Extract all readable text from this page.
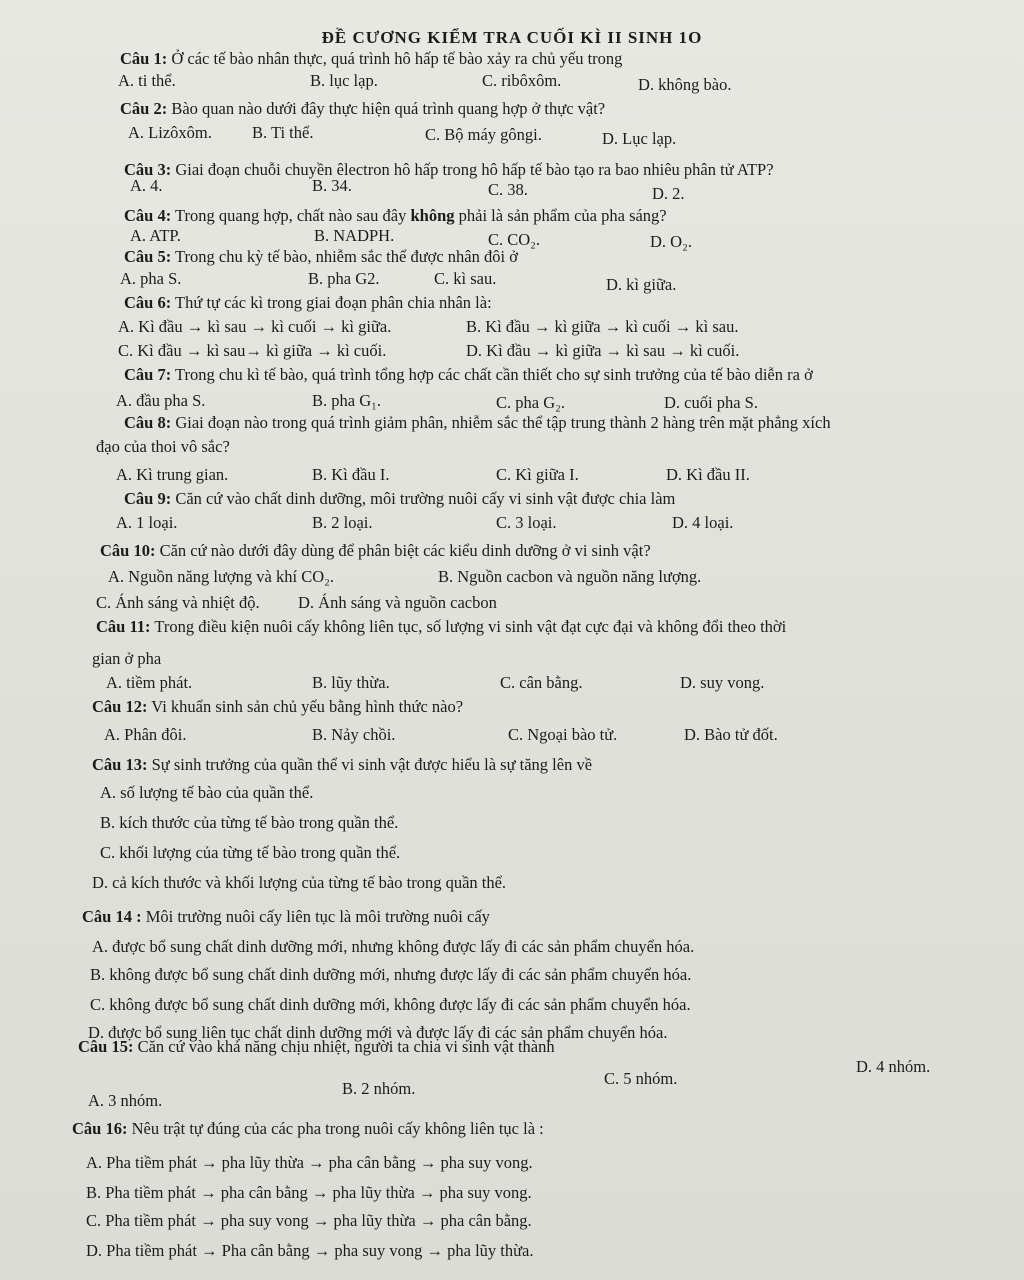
ĐỀ CƯƠNG KIỂM TRA CUỐI KÌ II SINH 1O
Câu 1: Ở các tế bào nhân thực, quá trình hô hấp tế bào xảy ra chủ yếu trong
A. ti thể.	B. lục lạp.	C. ribôxôm.	D. không bào.
Câu 2: Bào quan nào dưới đây thực hiện quá trình quang hợp ở thực vật?
A. Lizôxôm. B. Ti thể.	C. Bộ máy gôngi.	D. Lục lạp.
Câu 3: Giai đoạn chuỗi chuyền êlectron hô hấp trong hô hấp tế bào tạo ra bao nhiêu phân tử ATP?
A. 4.	B. 34.	C. 38.	D. 2.
Câu 4: Trong quang hợp, chất nào sau đây không phải là sản phẩm của pha sáng?
A. ATP.	B. NADPH.	C. CO₂.	D. O₂.
Câu 5: Trong chu kỳ tế bào, nhiễm sắc thể được nhân đôi ở
A. pha S.	B. pha G2.	C. kì sau.	D. kì giữa.
Câu 6: Thứ tự các kì trong giai đoạn phân chia nhân là:
A. Kì đầu → kì sau → kì cuối → kì giữa.	B. Kì đầu → kì giữa → kì cuối → kì sau.
C. Kì đầu → kì sau→ kì giữa → kì cuối.	D. Kì đầu → kì giữa → kì sau → kì cuối.
Câu 7: Trong chu kì tế bào, quá trình tổng hợp các chất cần thiết cho sự sinh trưởng của tế bào diễn ra ở
A. đầu pha S.	B. pha G₁.	C. pha G₂.	D. cuối pha S.
Câu 8: Giai đoạn nào trong quá trình giảm phân, nhiễm sắc thể tập trung thành 2 hàng trên mặt phẳng xích
đạo của thoi vô sắc?
A. Kì trung gian.	B. Kì đầu I.	C. Kì giữa I.	D. Kì đầu II.
Câu 9: Căn cứ vào chất dinh dưỡng, môi trường nuôi cấy vi sinh vật được chia làm
A. 1 loại.	B. 2 loại.	C. 3 loại.	D. 4 loại.
Câu 10: Căn cứ nào dưới đây dùng để phân biệt các kiểu dinh dưỡng ở vi sinh vật?
A. Nguồn năng lượng và khí CO₂.	B. Nguồn cacbon và nguồn năng lượng.
C. Ánh sáng và nhiệt độ. D. Ánh sáng và nguồn cacbon
Câu 11: Trong điều kiện nuôi cấy không liên tục, số lượng vi sinh vật đạt cực đại và không đổi theo thời
gian ở pha
A. tiềm phát.	B. lũy thừa.	C. cân bằng.	D. suy vong.
Câu 12: Vi khuẩn sinh sản chủ yếu bằng hình thức nào?
A. Phân đôi.	B. Nảy chồi.	C. Ngoại bào tử.	D. Bào tử đốt.
Câu 13: Sự sinh trưởng của quần thể vi sinh vật được hiểu là sự tăng lên về
A. số lượng tế bào của quần thể.
B. kích thước của từng tế bào trong quần thể.
C. khối lượng của từng tế bào trong quần thể.
D. cả kích thước và khối lượng của từng tế bào trong quần thể.
Câu 14 : Môi trường nuôi cấy liên tục là môi trường nuôi cấy
A. được bổ sung chất dinh dưỡng mới, nhưng không được lấy đi các sản phẩm chuyển hóa.
B. không được bổ sung chất dinh dưỡng mới, nhưng được lấy đi các sản phẩm chuyển hóa.
C. không được bổ sung chất dinh dưỡng mới, không được lấy đi các sản phẩm chuyển hóa.
D. được bổ sung liên tục chất dinh dưỡng mới và được lấy đi các sản phẩm chuyển hóa.
Câu 15: Căn cứ vào khả năng chịu nhiệt, người ta chia vi sinh vật thành
A. 3 nhóm.
B. 2 nhóm.
C. 5 nhóm.
D. 4 nhóm.
Câu 16: Nêu trật tự đúng của các pha trong nuôi cấy không liên tục là :
A. Pha tiềm phát → pha lũy thừa → pha cân bằng → pha suy vong.
B. Pha tiềm phát → pha cân bằng → pha lũy thừa → pha suy vong.
C. Pha tiềm phát → pha suy vong → pha lũy thừa → pha cân bằng.
D. Pha tiềm phát → Pha cân bằng → pha suy vong → pha lũy thừa.
